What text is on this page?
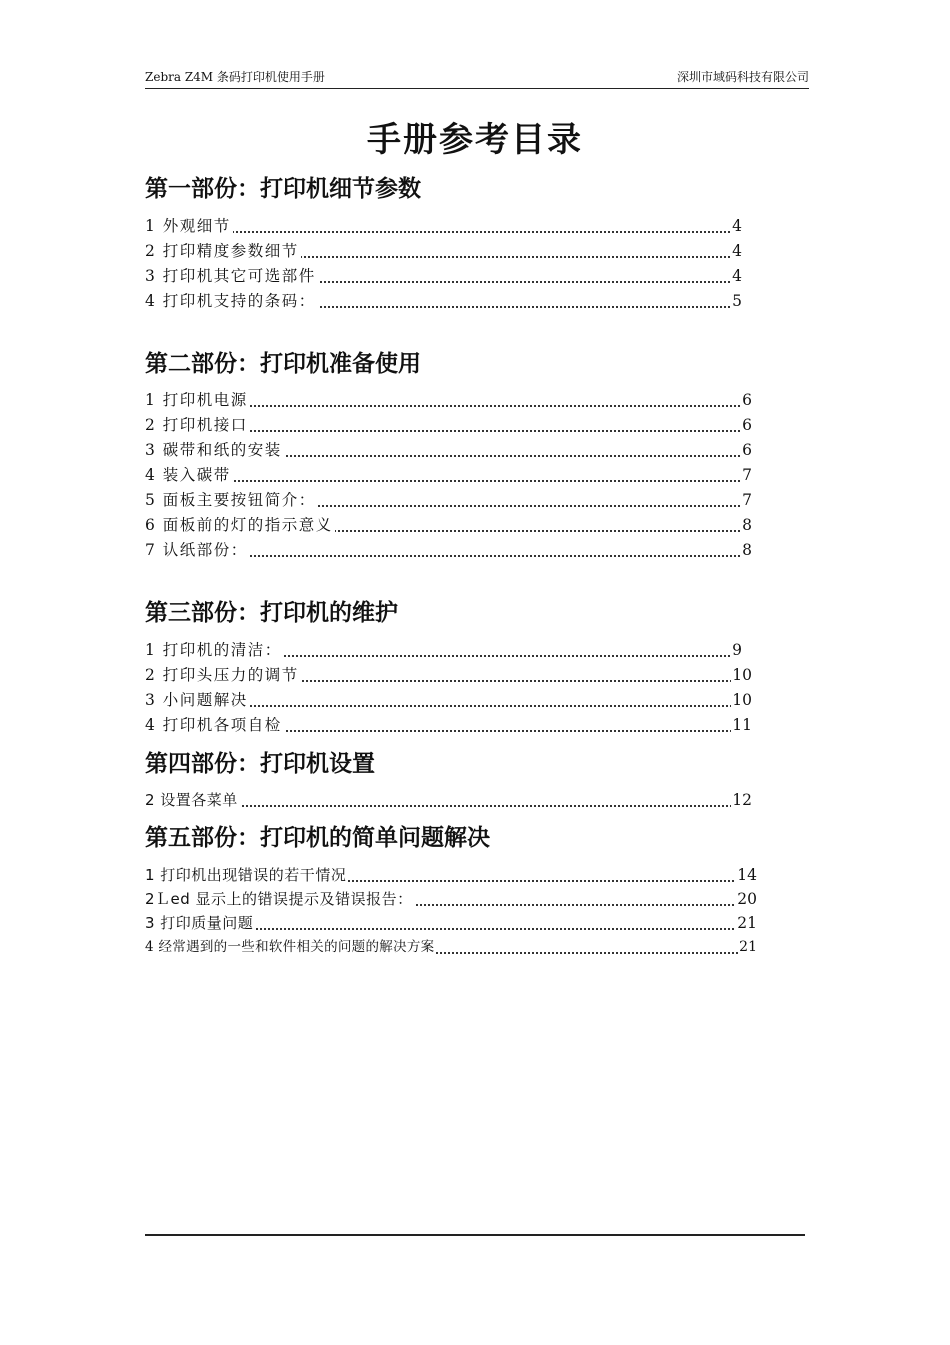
Zebra Z4M 条码打印机使用手册	深圳市域码科技有限公司
手册参考目录
第一部份：打印机细节参数
1 外观细节	4
2 打印精度参数细节	4
3 打印机其它可选部件	4
4 打印机支持的条码：	5
第二部份：打印机准备使用
1 打印机电源	6
2 打印机接口	6
3 碳带和纸的安装	6
4 装入碳带	7
5 面板主要按钮简介：	7
6 面板前的灯的指示意义	8
7 认纸部份：	8
第三部份：打印机的维护
1 打印机的清洁：	9
2 打印头压力的调节	10
3 小问题解决	10
4 打印机各项自检	11
第四部份：打印机设置
2 设置各菜单	12
第五部份：打印机的简单问题解决
1 打印机出现错误的若干情况	14
2Ｌed 显示上的错误提示及错误报告：	20
3 打印质量问题	21
4 经常遇到的一些和软件相关的问题的解决方案	21
